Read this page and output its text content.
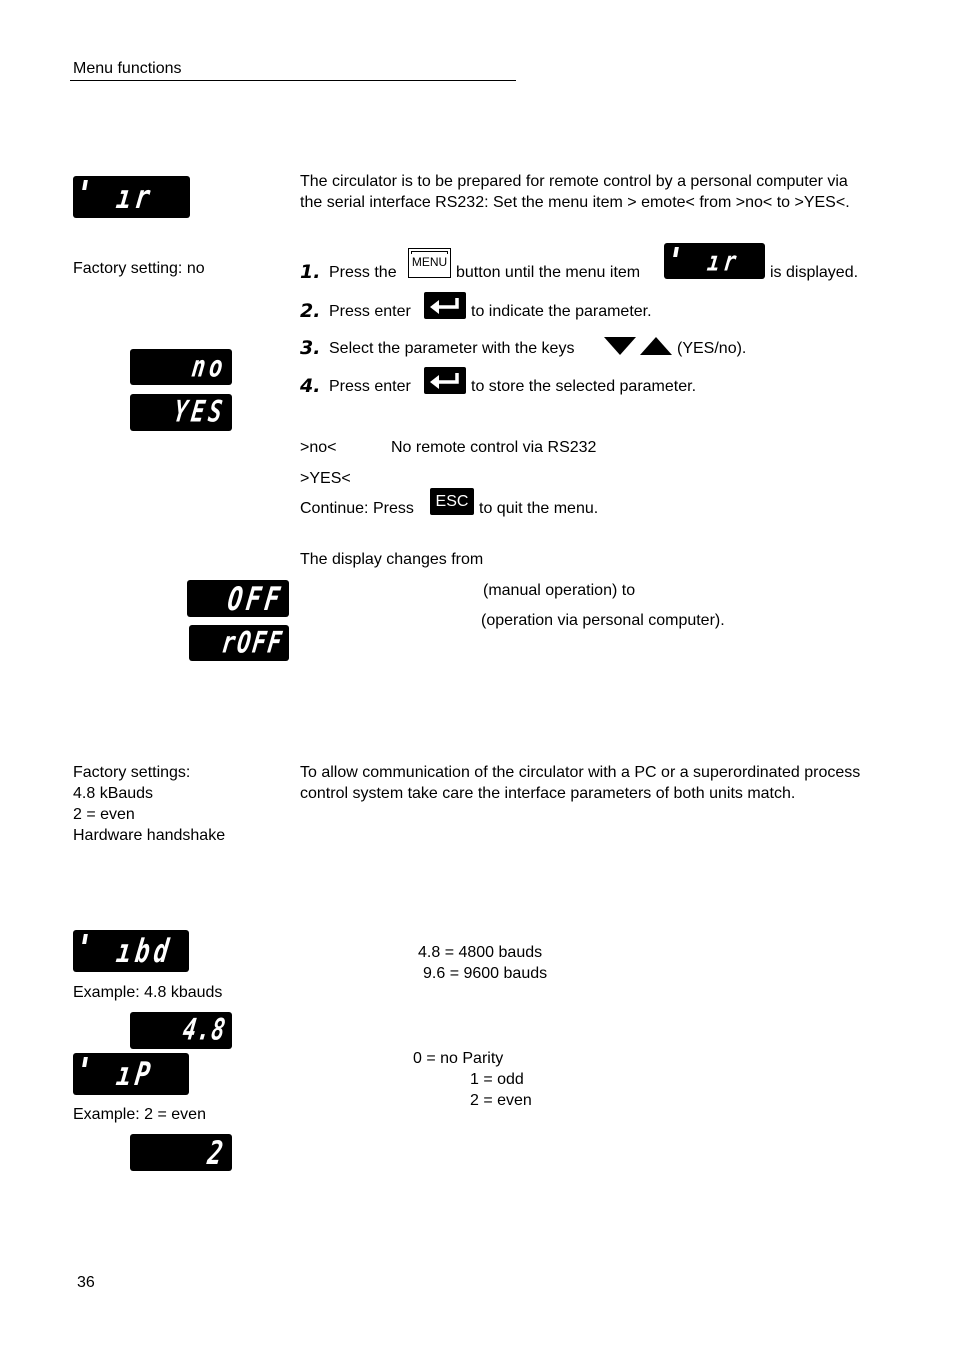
Menu functions
ır	The circulator is to be prepared for remote control by a personal computer via the serial interface RS232: Set the menu item > emote< from >no< to >YES<.
Factory setting: no	1. Press the
MENU
button until the menu item	ır is displayed.
2. Press enter	to indicate the parameter.
3. Select the parameter with the keys	(YES/no).
no
YES
4. Press enter	to store the selected parameter.
>no<	No remote control via RS232
>YES<
Continue: Press ESC to quit the menu.
The display changes from
OFF	(manual operation) to
rOFF
(operation via personal computer).
Factory settings:
4.8 kBauds
2 = even
Hardware handshake
To allow communication of the circulator with a PC or a superordinated process control system take care the interface parameters of both units match.
ıbd	4.8 = 4800 bauds
9.6 = 9600 bauds
Example: 4.8 kbauds
4.8
ıP	0 = no Parity
1 = odd
2 = even
Example: 2 = even
2
36
